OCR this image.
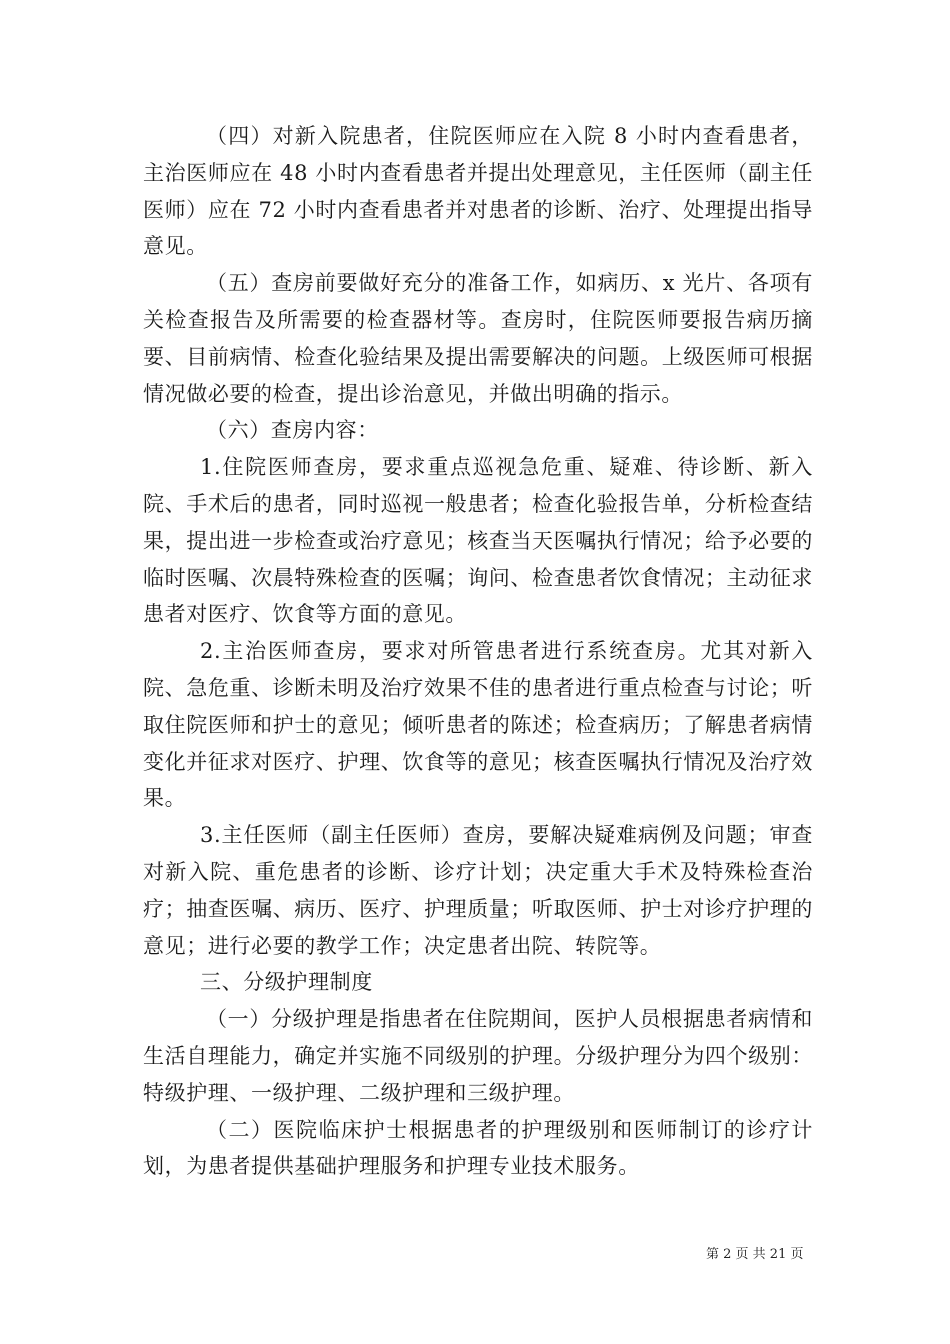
（四）对新入院患者，住院医师应在入院 8 小时内查看患者，主治医师应在 48 小时内查看患者并提出处理意见，主任医师（副主任医师）应在 72 小时内查看患者并对患者的诊断、治疗、处理提出指导意见。

（五）查房前要做好充分的准备工作，如病历、x 光片、各项有关检查报告及所需要的检查器材等。查房时，住院医师要报告病历摘要、目前病情、检查化验结果及提出需要解决的问题。上级医师可根据情况做必要的检查，提出诊治意见，并做出明确的指示。

（六）查房内容：

1.住院医师查房，要求重点巡视急危重、疑难、待诊断、新入院、手术后的患者，同时巡视一般患者；检查化验报告单，分析检查结果，提出进一步检查或治疗意见；核查当天医嘱执行情况；给予必要的临时医嘱、次晨特殊检查的医嘱；询问、检查患者饮食情况；主动征求患者对医疗、饮食等方面的意见。

2.主治医师查房，要求对所管患者进行系统查房。尤其对新入院、急危重、诊断未明及治疗效果不佳的患者进行重点检查与讨论；听取住院医师和护士的意见；倾听患者的陈述；检查病历；了解患者病情变化并征求对医疗、护理、饮食等的意见；核查医嘱执行情况及治疗效果。

3.主任医师（副主任医师）查房，要解决疑难病例及问题；审查对新入院、重危患者的诊断、诊疗计划；决定重大手术及特殊检查治疗；抽查医嘱、病历、医疗、护理质量；听取医师、护士对诊疗护理的意见；进行必要的教学工作；决定患者出院、转院等。

三、分级护理制度

（一）分级护理是指患者在住院期间，医护人员根据患者病情和生活自理能力，确定并实施不同级别的护理。分级护理分为四个级别：特级护理、一级护理、二级护理和三级护理。

（二）医院临床护士根据患者的护理级别和医师制订的诊疗计划，为患者提供基础护理服务和护理专业技术服务。

第 2 页 共 21 页
